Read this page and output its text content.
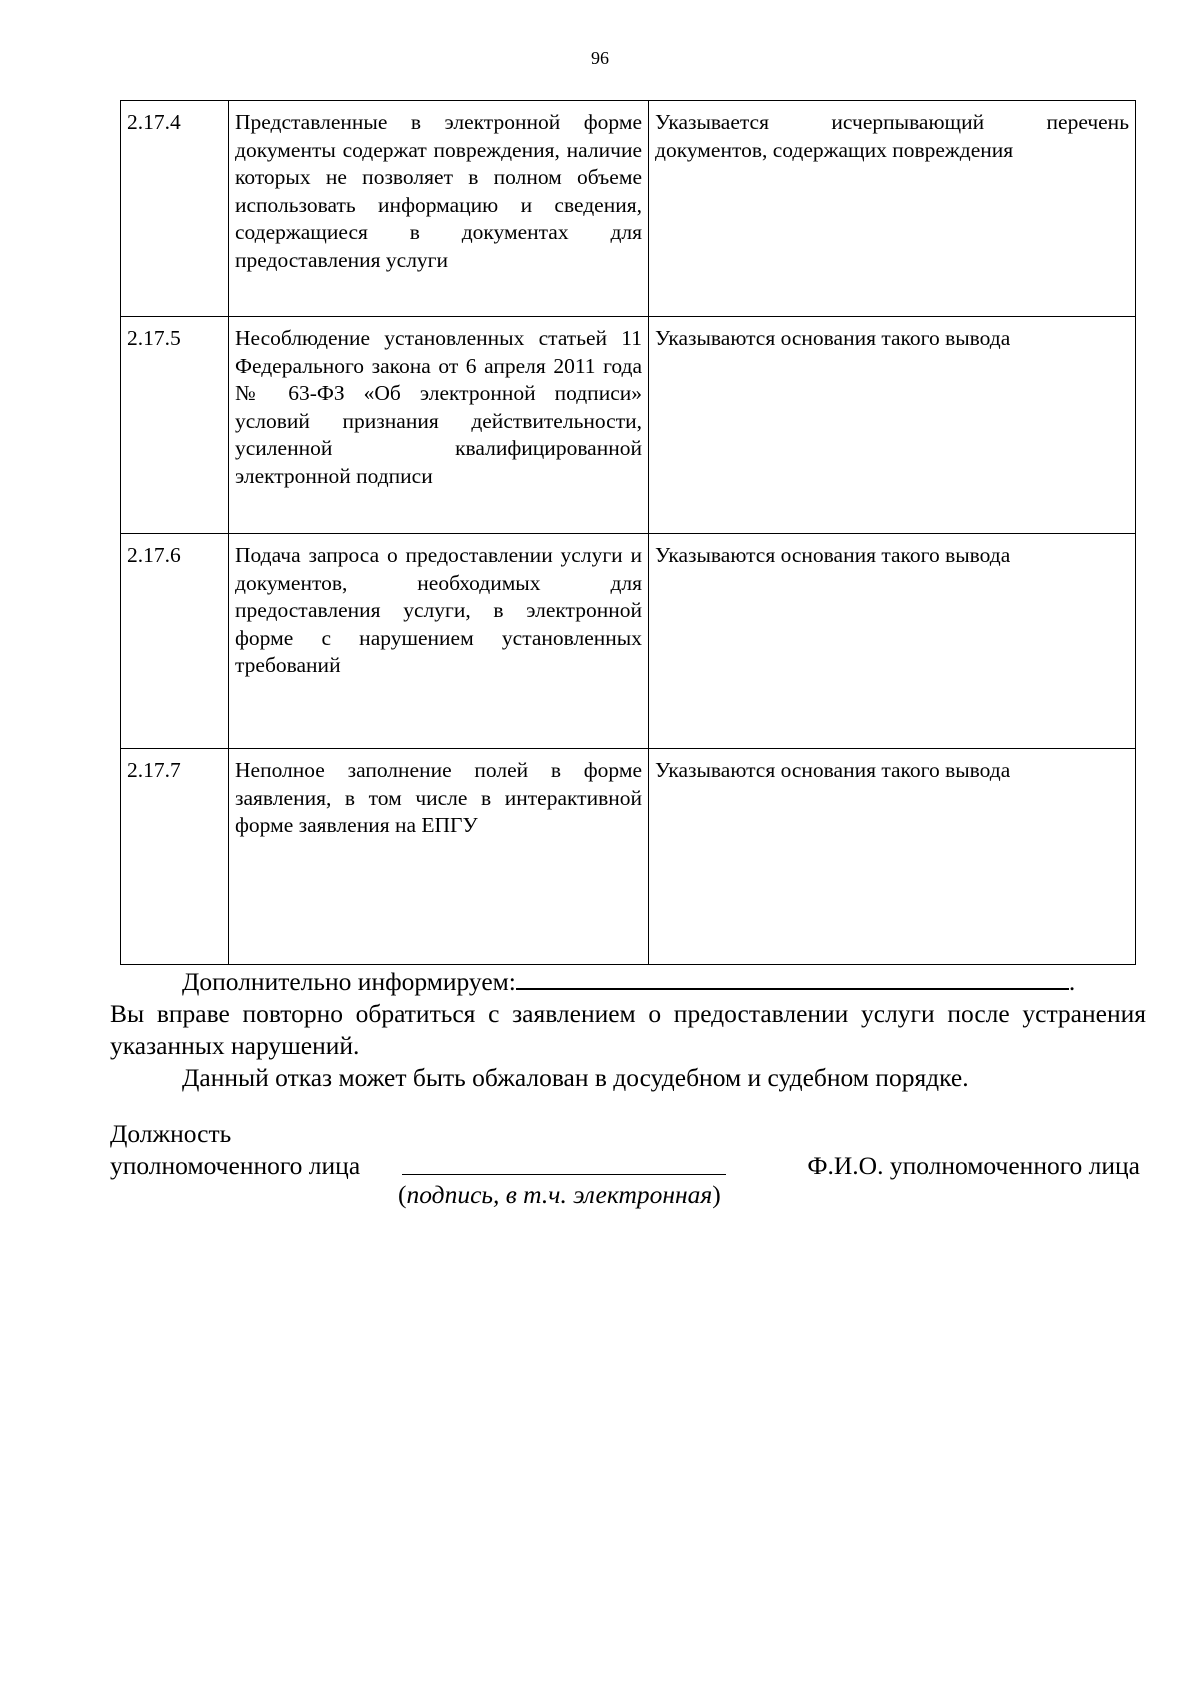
96
2.17.4	Представленные в электронной форме документы содержат повреждения, наличие которых не позволяет в полном объеме использовать информацию и сведения, содержащиеся в документах для предоставления услуги	Указывается исчерпывающий перечень документов, содержащих повреждения
2.17.5	Несоблюдение установленных статьей 11 Федерального закона от 6 апреля 2011 года № 63-ФЗ «Об электронной подписи» условий признания действительности, усиленной квалифицированной электронной подписи	Указываются основания такого вывода
2.17.6	Подача запроса о предоставлении услуги и документов, необходимых для предоставления услуги, в электронной форме с нарушением установленных требований	Указываются основания такого вывода
2.17.7	Неполное заполнение полей в форме заявления, в том числе в интерактивной форме заявления на ЕПГУ	Указываются основания такого вывода
Дополнительно информируем:	.
Вы вправе повторно обратиться с заявлением о предоставлении услуги после устранения указанных нарушений.
Данный отказ может быть обжалован в досудебном и судебном порядке.
Должность
уполномоченного лица	Ф.И.О. уполномоченного лица
(подпись, в т.ч. электронная)
